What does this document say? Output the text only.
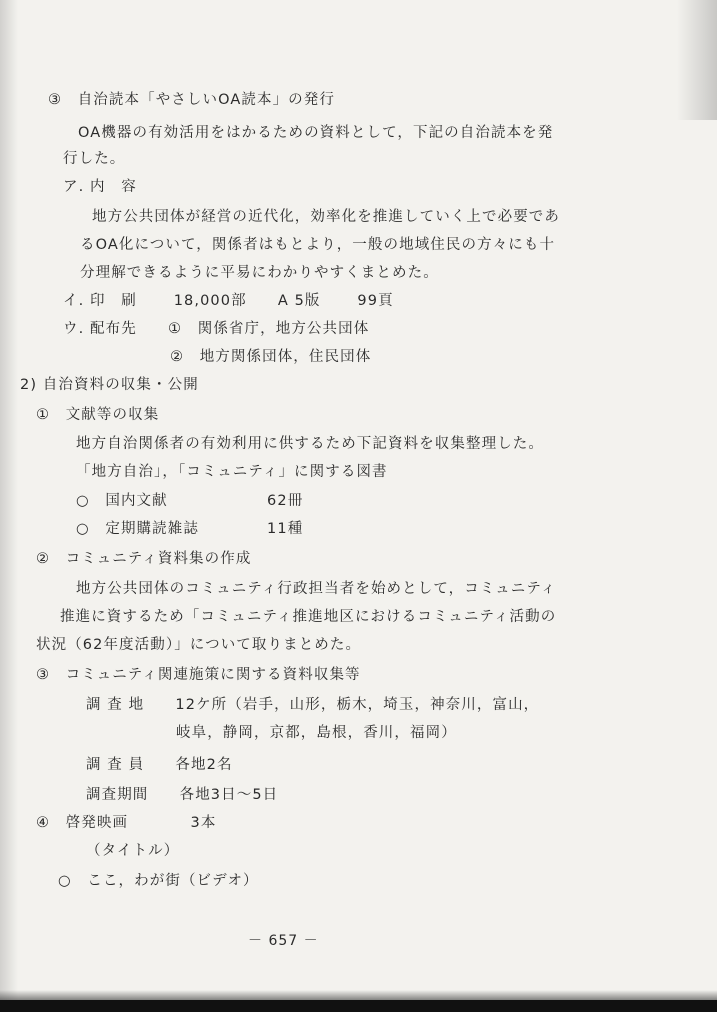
③　自治読本「やさしいOA読本」の発行
OA機器の有効活用をはかるための資料として，下記の自治読本を発
行した。
ア. 内　容
地方公共団体が経営の近代化，効率化を推進していく上で必要であ
るOA化について，関係者はもとより，一般の地域住民の方々にも十
分理解できるように平易にわかりやすくまとめた。
イ. 印　刷　　 18,000部　　A 5版　　 99頁
ウ. 配布先　　①　関係省庁，地方公共団体
②　地方関係団体，住民団体
2) 自治資料の収集・公開
①　文献等の収集
地方自治関係者の有効利用に供するため下記資料を収集整理した。
「地方自治」，「コミュニティ」に関する図書
○　国内文献　　　　　　 62冊
○　定期購読雑誌　　　　 11種
②　コミュニティ資料集の作成
地方公共団体のコミュニティ行政担当者を始めとして，コミュニティ
推進に資するため「コミュニティ推進地区におけるコミュニティ活動の
状況（62年度活動）」について取りまとめた。
③　コミュニティ関連施策に関する資料収集等
調 査 地　　12ケ所（岩手，山形，栃木，埼玉，神奈川，富山，
岐阜，静岡，京都，島根，香川，福岡）
調 査 員　　各地2名
調査期間　　各地3日～5日
④　啓発映画　　　　3本
（タイトル）
○　ここ，わが街（ビデオ）
－ 657 －
